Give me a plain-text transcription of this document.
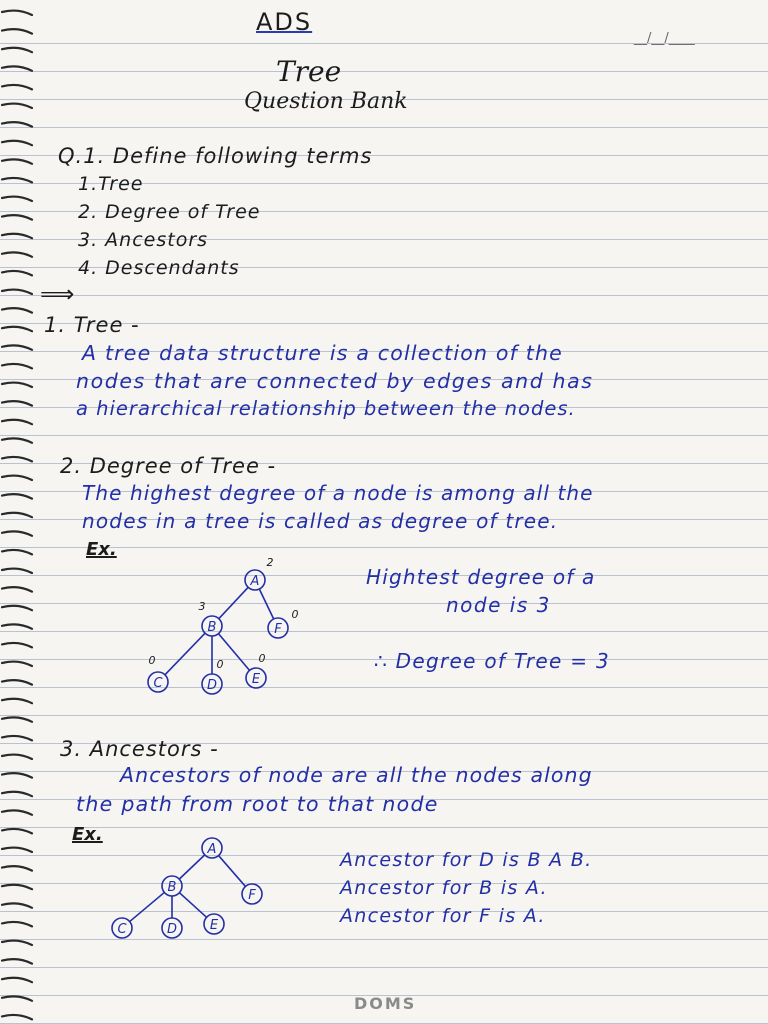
ADS
__/__/____
Tree
Question Bank
Q.1. Define following terms
1.Tree
2. Degree of Tree
3. Ancestors
4. Descendants
⟹
1. Tree -
A tree data structure is a collection of the
nodes that are connected by edges and has
a hierarchical relationship between the nodes.
2. Degree of Tree -
The highest degree of a node is among all the
nodes in a tree is called as degree of tree.
Ex.
A
2
B
3
F
0
C
0
D
0
E
0
Hightest degree of a
node is 3
∴ Degree of Tree = 3
3. Ancestors -
Ancestors of node are all the nodes along
the path from root to that node
Ex.
A
B
F
C	D	E
Ancestor for D is B A B.
Ancestor for B is A.
Ancestor for F is A.
DOMS
